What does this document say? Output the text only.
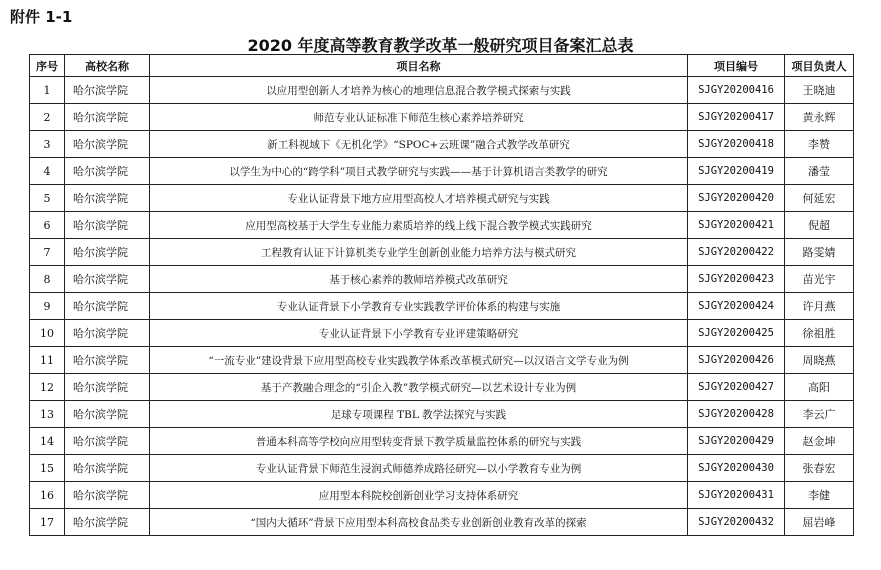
附件 1-1
2020 年度高等教育教学改革一般研究项目备案汇总表
序号	高校名称	项目名称	项目编号	项目负责人
1	哈尔滨学院	以应用型创新人才培养为核心的地理信息混合教学模式探索与实践	SJGY20200416	王晓迪
2	哈尔滨学院	师范专业认证标准下师范生核心素养培养研究	SJGY20200417	黄永辉
3	哈尔滨学院	新工科视域下《无机化学》“SPOC+云班课”融合式教学改革研究	SJGY20200418	李赞
4	哈尔滨学院	以学生为中心的“跨学科”项目式教学研究与实践——基于计算机语言类教学的研究	SJGY20200419	潘莹
5	哈尔滨学院	专业认证背景下地方应用型高校人才培养模式研究与实践	SJGY20200420	何延宏
6	哈尔滨学院	应用型高校基于大学生专业能力素质培养的线上线下混合教学模式实践研究	SJGY20200421	倪超
7	哈尔滨学院	工程教育认证下计算机类专业学生创新创业能力培养方法与模式研究	SJGY20200422	路雯婧
8	哈尔滨学院	基于核心素养的教师培养模式改革研究	SJGY20200423	苗光宇
9	哈尔滨学院	专业认证背景下小学教育专业实践教学评价体系的构建与实施	SJGY20200424	许月燕
10	哈尔滨学院	专业认证背景下小学教育专业评建策略研究	SJGY20200425	徐祖胜
11	哈尔滨学院	“一流专业”建设背景下应用型高校专业实践教学体系改革模式研究—以汉语言文学专业为例	SJGY20200426	周晓燕
12	哈尔滨学院	基于产教融合理念的“引企入教”教学模式研究—以艺术设计专业为例	SJGY20200427	高阳
13	哈尔滨学院	足球专项课程 TBL 教学法探究与实践	SJGY20200428	李云广
14	哈尔滨学院	普通本科高等学校向应用型转变背景下教学质量监控体系的研究与实践	SJGY20200429	赵金坤
15	哈尔滨学院	专业认证背景下师范生浸润式师德养成路径研究—以小学教育专业为例	SJGY20200430	张春宏
16	哈尔滨学院	应用型本科院校创新创业学习支持体系研究	SJGY20200431	李健
17	哈尔滨学院	“国内大循环”背景下应用型本科高校食品类专业创新创业教育改革的探索	SJGY20200432	屈岩峰
